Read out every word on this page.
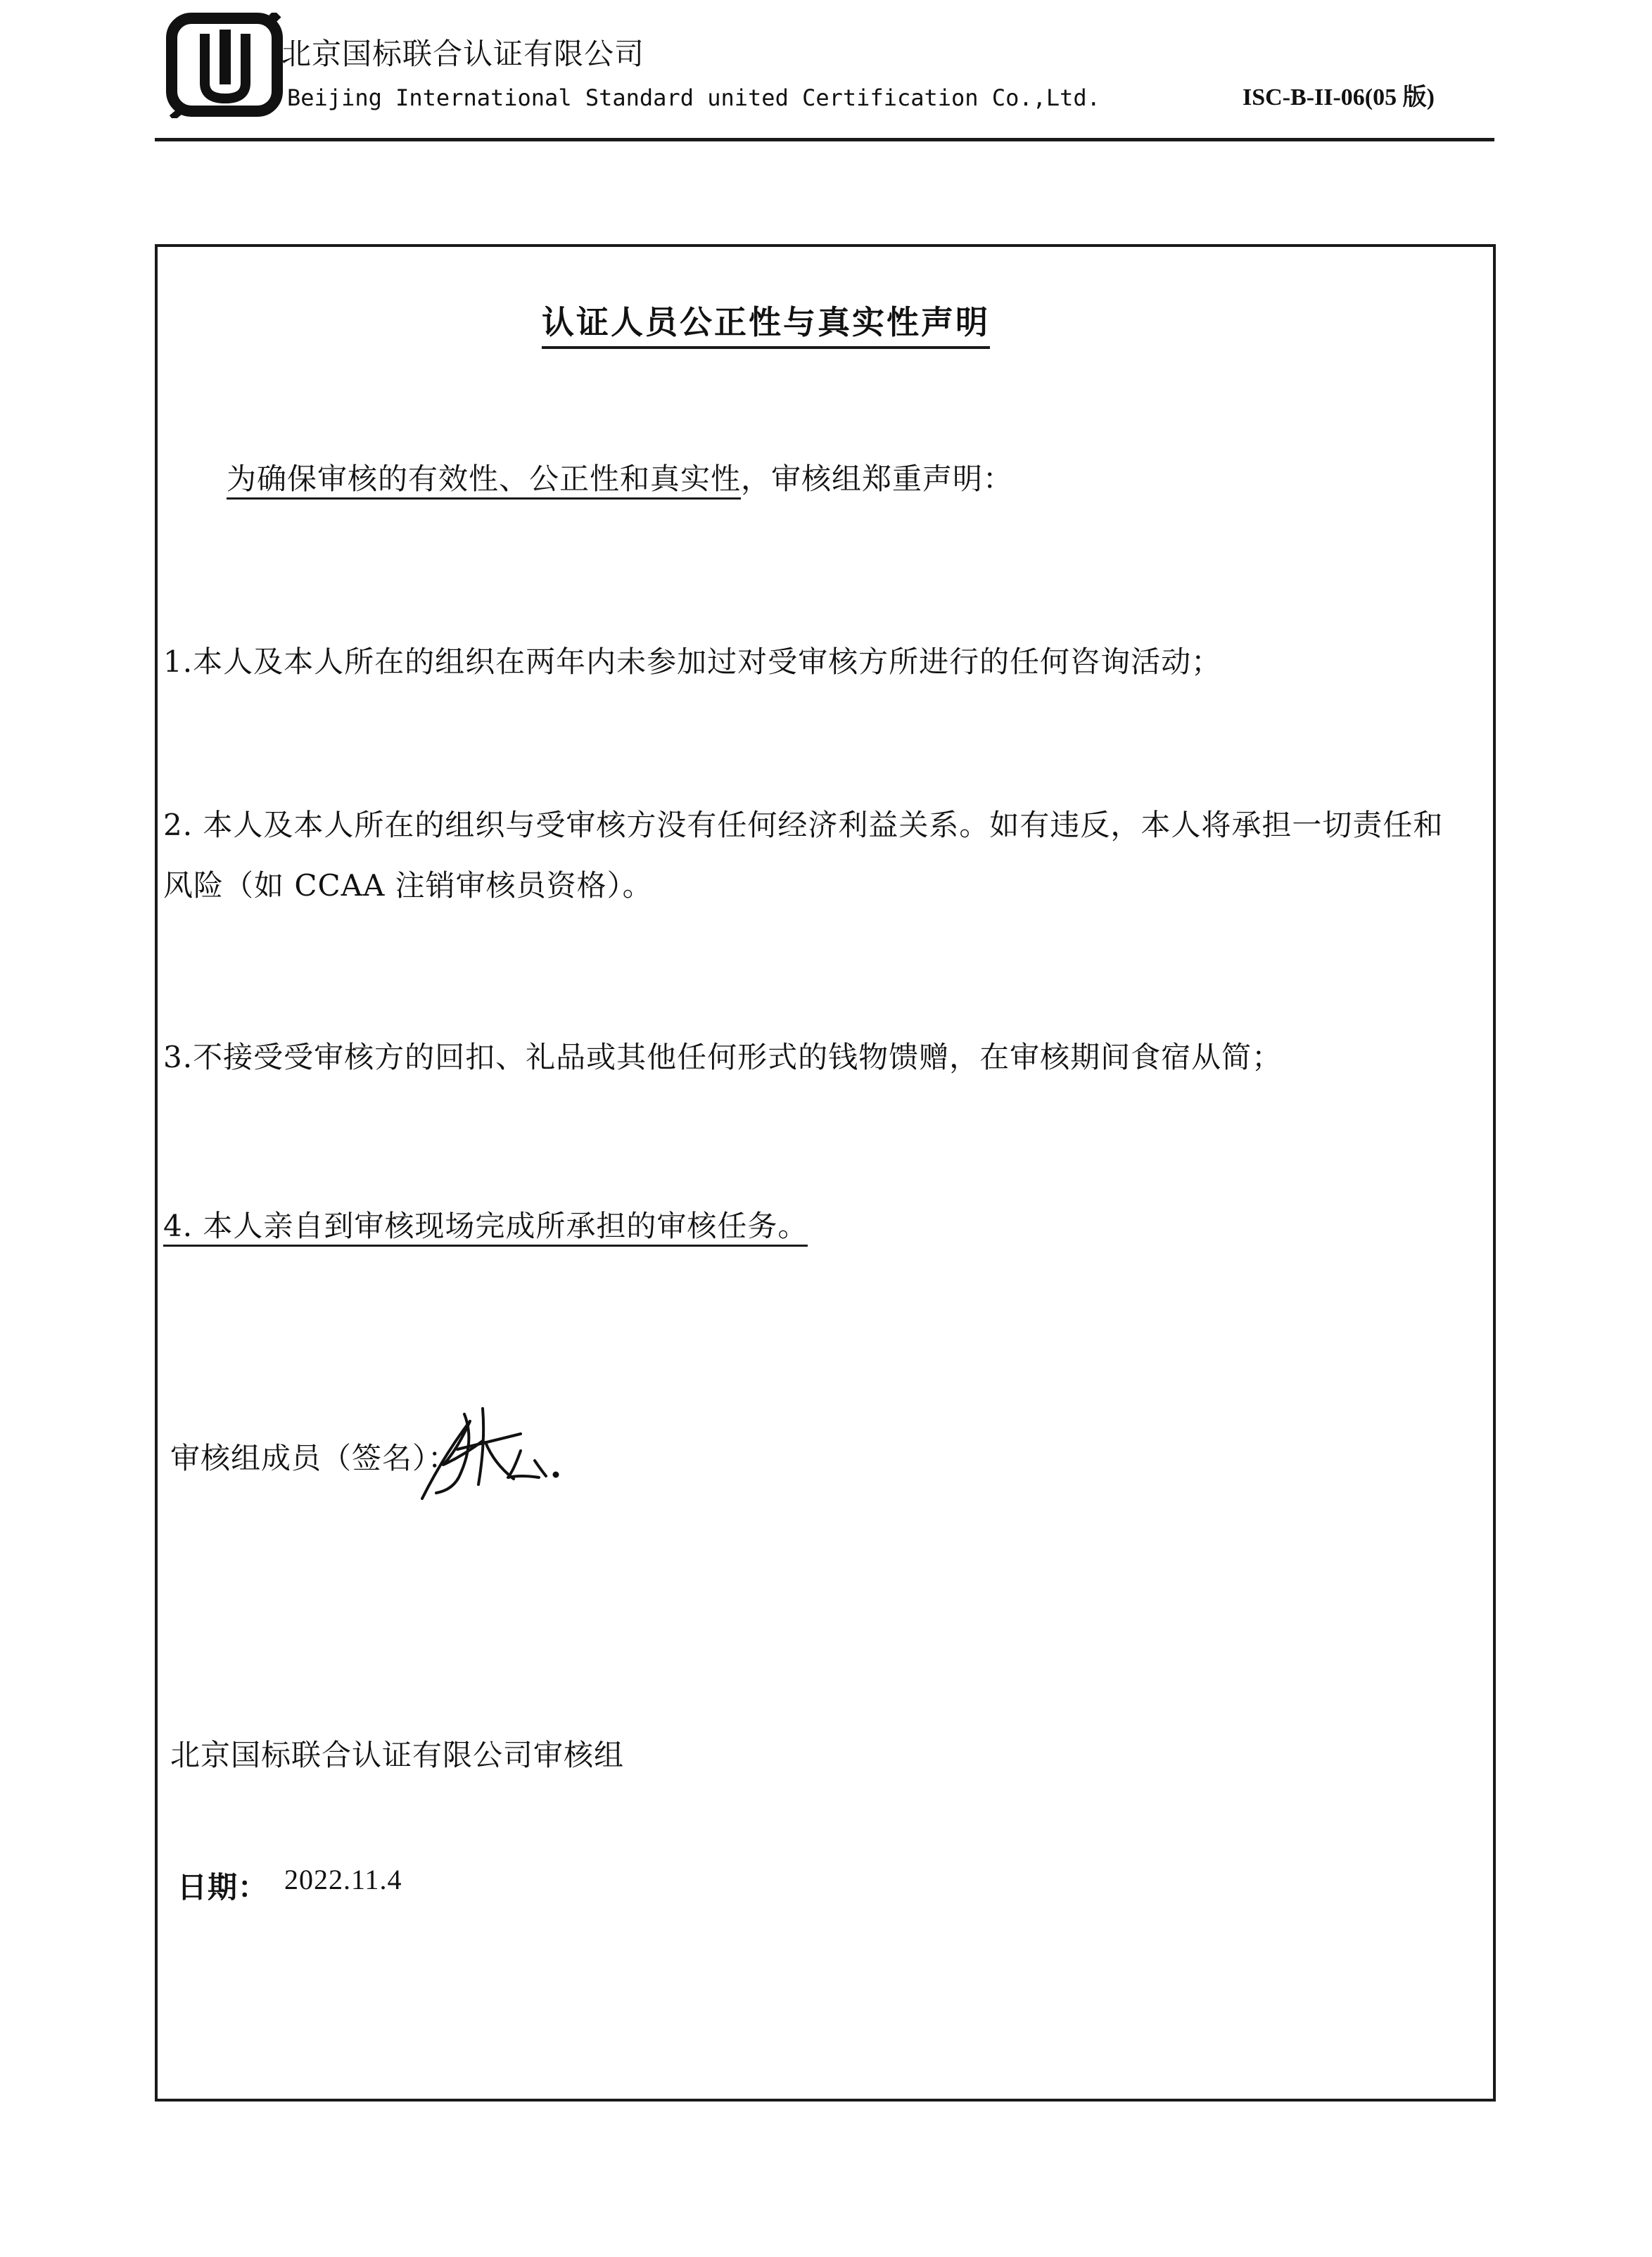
北京国标联合认证有限公司
Beijing International Standard united Certification Co.,Ltd.	ISC-B-II-06(05 版)
认证人员公正性与真实性声明
为确保审核的有效性、公正性和真实性，审核组郑重声明：
1.本人及本人所在的组织在两年内未参加过对受审核方所进行的任何咨询活动；
2. 本人及本人所在的组织与受审核方没有任何经济利益关系。如有违反，本人将承担一切责任和
风险（如 CCAA 注销审核员资格）。
3.不接受受审核方的回扣、礼品或其他任何形式的钱物馈赠，在审核期间食宿从简；
4. 本人亲自到审核现场完成所承担的审核任务。
审核组成员（签名）：
北京国标联合认证有限公司审核组
日期： 2022.11.4
